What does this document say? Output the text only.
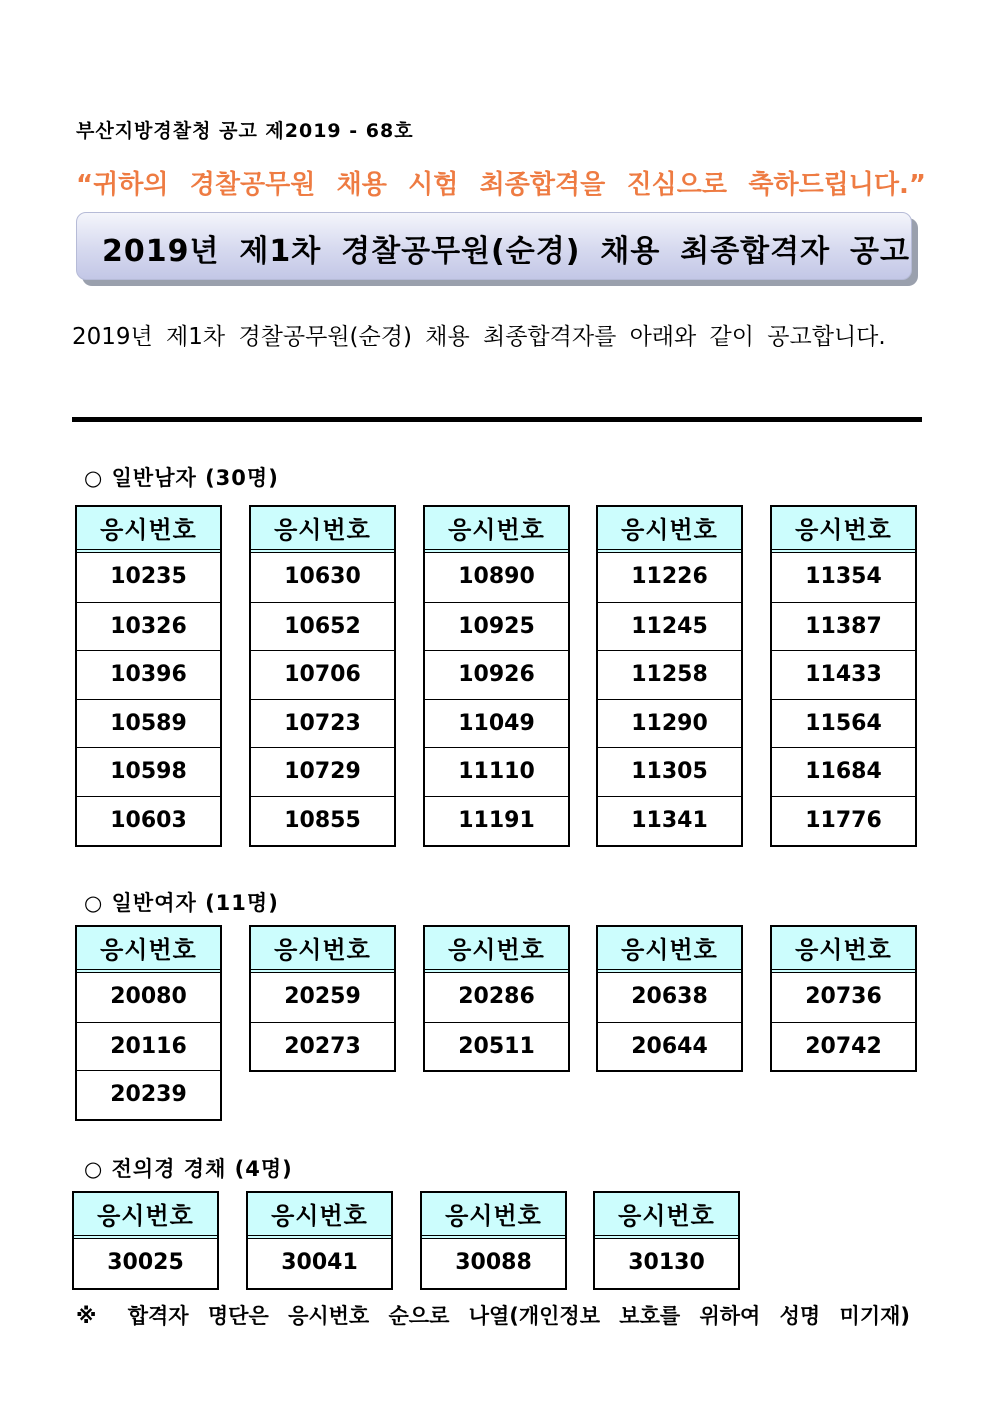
부산지방경찰청 공고 제2019 - 68호
“귀하의 경찰공무원 채용 시험 최종합격을 진심으로 축하드립니다.”
2019년 제1차 경찰공무원(순경) 채용 최종합격자 공고
2019년 제1차 경찰공무원(순경) 채용 최종합격자를 아래와 같이 공고합니다.
○ 일반남자 (30명)
응시번호
10235
10326
10396
10589
10598
10603
응시번호
10630
10652
10706
10723
10729
10855
응시번호
10890
10925
10926
11049
11110
11191
응시번호
11226
11245
11258
11290
11305
11341
응시번호
11354
11387
11433
11564
11684
11776
○ 일반여자 (11명)
응시번호
20080
20116
20239
응시번호
20259
20273
응시번호
20286
20511
응시번호
20638
20644
응시번호
20736
20742
○ 전의경 경채 (4명)
응시번호
30025
응시번호
30041
응시번호
30088
응시번호
30130
※ 합격자 명단은 응시번호 순으로 나열(개인정보 보호를 위하여 성명 미기재)
